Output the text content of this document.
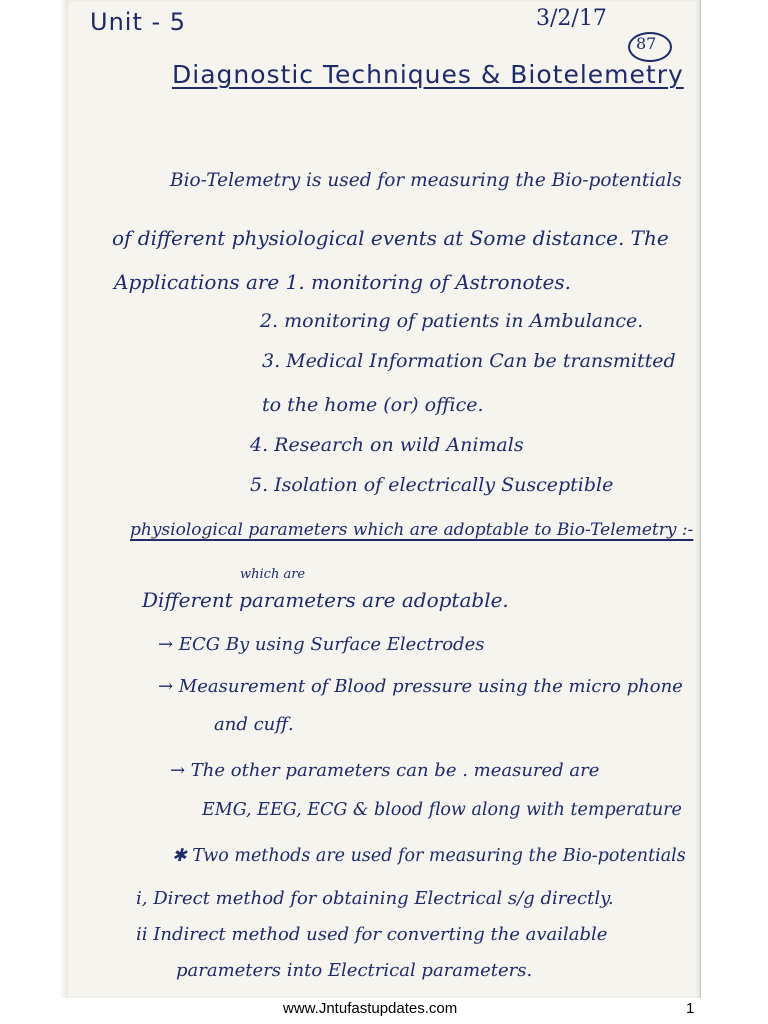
Unit - 5	3/2/17
87
Diagnostic Techniques & Biotelemetry
Bio-Telemetry is used for measuring the Bio-potentials
of different physiological events at Some distance. The
Applications are 1. monitoring of Astronotes.
2. monitoring of patients in Ambulance.
3. Medical Information Can be transmitted
to the home (or) office.
4. Research on wild Animals
5. Isolation of electrically Susceptible
physiological parameters which are adoptable to Bio-Telemetry :-
which are
Different parameters are adoptable.
→ ECG By using Surface Electrodes
→ Measurement of Blood pressure using the micro phone
and cuff.
→ The other parameters can be . measured are
EMG, EEG, ECG & blood flow along with temperature
✱ Two methods are used for measuring the Bio-potentials
i, Direct method for obtaining Electrical s/g directly.
ii Indirect method used for converting the available
parameters into Electrical parameters.
www.Jntufastupdates.com	1
